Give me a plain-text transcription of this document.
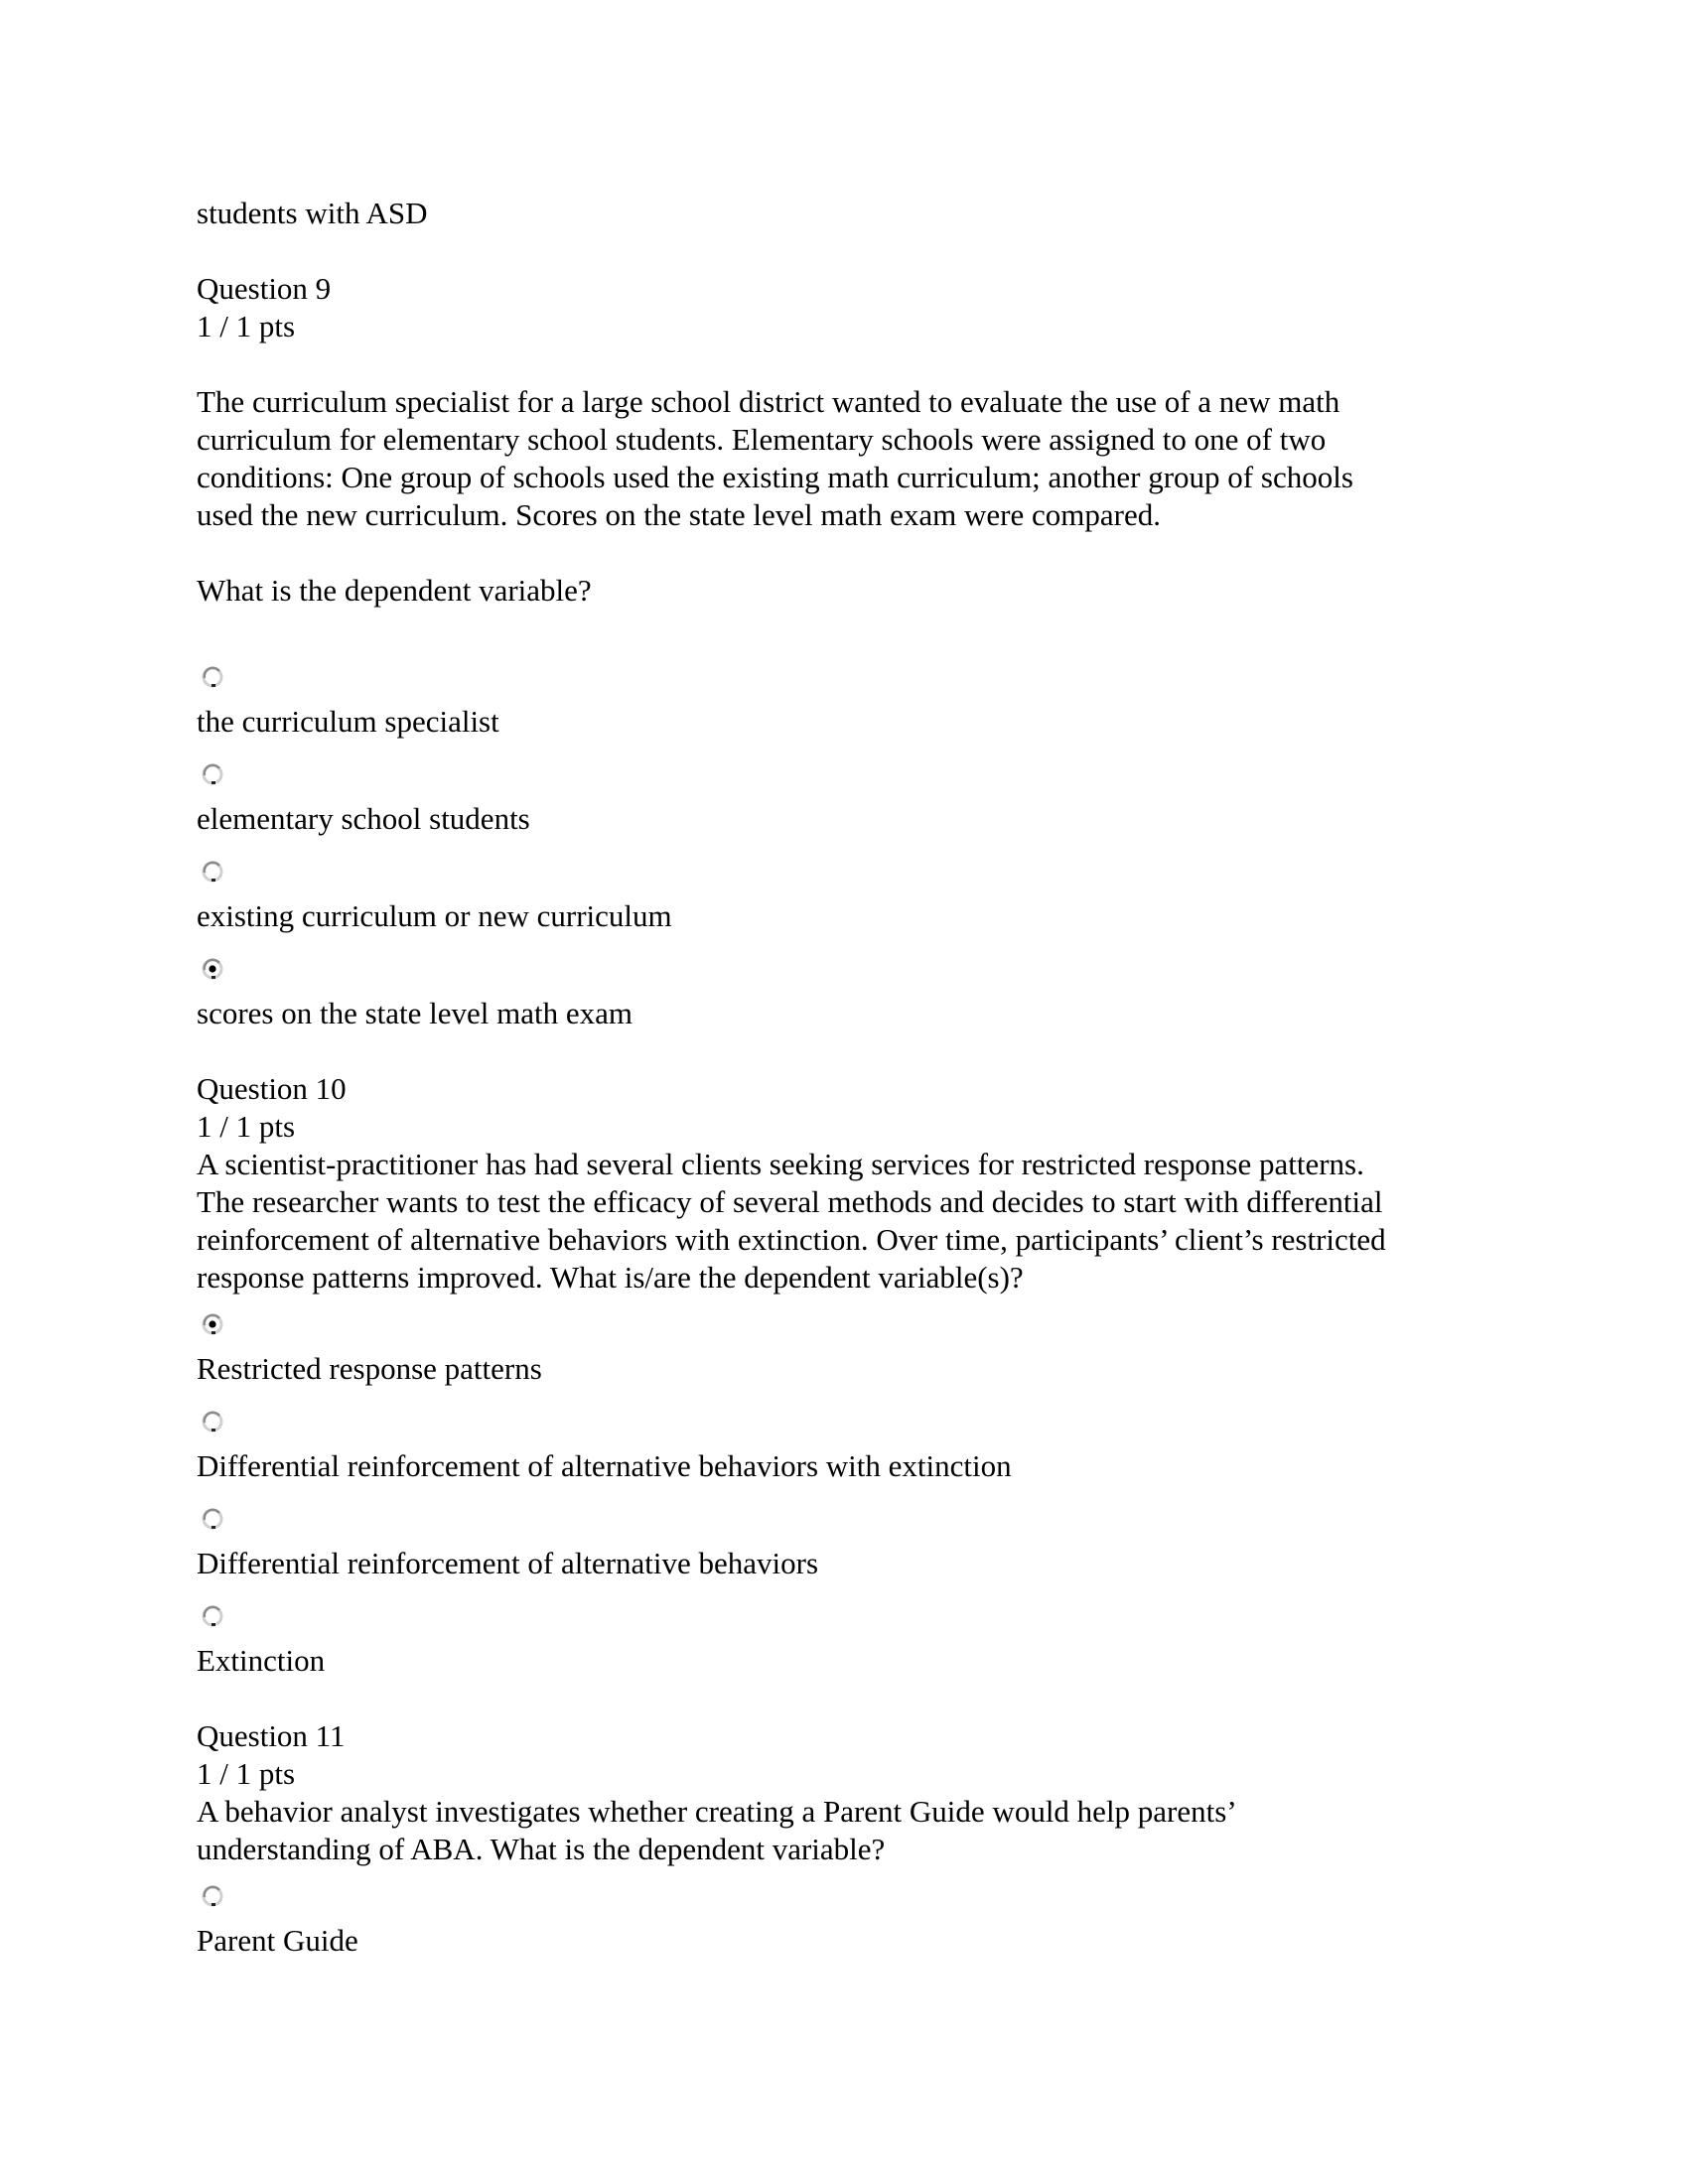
students with ASD
Question 9
1 / 1 pts
The curriculum specialist for a large school district wanted to evaluate the use of a new math
curriculum for elementary school students. Elementary schools were assigned to one of two
conditions: One group of schools used the existing math curriculum; another group of schools
used the new curriculum. Scores on the state level math exam were compared.
What is the dependent variable?
the curriculum specialist
elementary school students
existing curriculum or new curriculum
scores on the state level math exam
Question 10
1 / 1 pts
A scientist-practitioner has had several clients seeking services for restricted response patterns.
The researcher wants to test the efficacy of several methods and decides to start with differential
reinforcement of alternative behaviors with extinction. Over time, participants’ client’s restricted
response patterns improved. What is/are the dependent variable(s)?
Restricted response patterns
Differential reinforcement of alternative behaviors with extinction
Differential reinforcement of alternative behaviors
Extinction
Question 11
1 / 1 pts
A behavior analyst investigates whether creating a Parent Guide would help parents’
understanding of ABA. What is the dependent variable?
Parent Guide
